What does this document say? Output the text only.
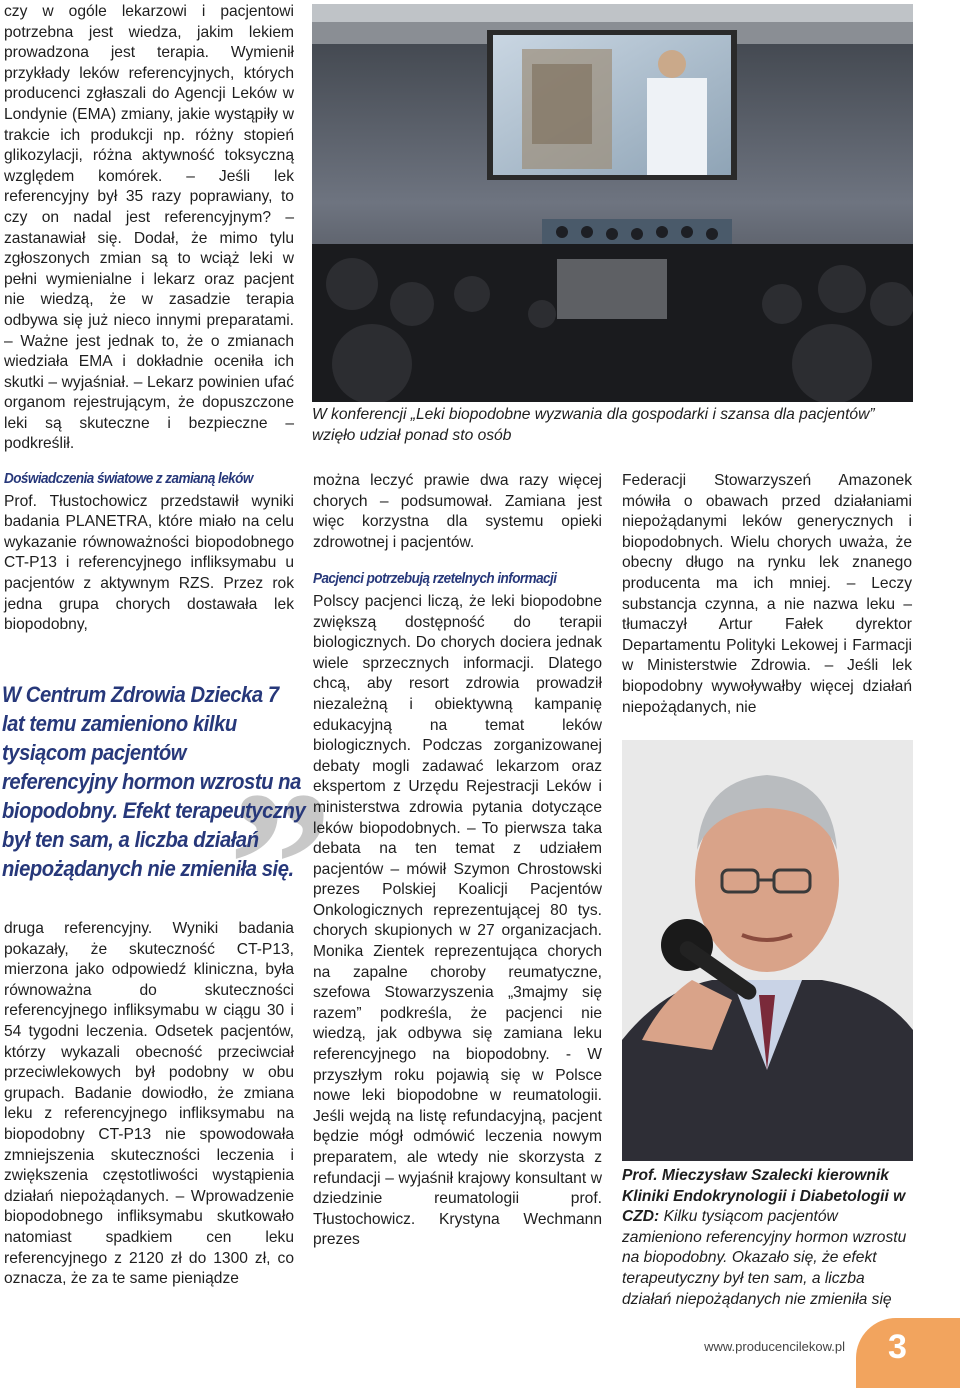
czy w ogóle lekarzowi i pacjentowi potrzebna jest wiedza, jakim lekiem prowadzona jest terapia. Wymienił przykłady leków referencyjnych, których producenci zgłaszali do Agencji Leków w Londynie (EMA) zmiany, jakie wystąpiły w trakcie ich produkcji np. różny stopień glikozylacji, różna aktywność toksyczną względem komórek. – Jeśli lek referencyjny był 35 razy poprawiany, to czy on nadal jest referencyjnym? – zastanawiał się. Dodał, że mimo tylu zgłoszonych zmian są to wciąż leki w pełni wymienialne i lekarz oraz pacjent nie wiedzą, że w zasadzie terapia odbywa się już nieco innymi preparatami. – Ważne jest jednak to, że o zmianach wiedziała EMA i dokładnie oceniła ich skutki – wyjaśniał. – Lekarz powinien ufać organom rejestrującym, że dopuszczone leki są skuteczne i bezpieczne – podkreślił.

Doświadczenia światowe z zamianą leków

Prof. Tłustochowicz przedstawił wyniki badania PLANETRA, które miało na celu wykazanie równoważności biopodobnego CT-P13 i referencyjnego infliksymabu u pacjentów z aktywnym RZS. Przez rok jedna grupa chorych dostawała lek biopodobny,

”
W Centrum Zdrowia Dziecka 7 lat temu zamieniono kilku tysiącom pacjentów referencyjny hormon wzrostu na biopodobny. Efekt terapeutyczny był ten sam, a liczba działań niepożądanych nie zmieniła się.

druga referencyjny. Wyniki badania pokazały, że skuteczność CT-P13, mierzona jako odpowiedź kliniczna, była równoważna do skuteczności referencyjnego infliksymabu w ciągu 30 i 54 tygodni leczenia. Odsetek pacjentów, którzy wykazali obecność przeciwciał przeciwlekowych był podobny w obu grupach. Badanie dowiodło, że zmiana leku z referencyjnego infliksymabu na biopodobny CT-P13 nie spowodowała zmniejszenia skuteczności leczenia i zwiększenia częstotliwości wystąpienia działań niepożądanych. – Wprowadzenie biopodobnego infliksymabu skutkowało natomiast spadkiem cen leku referencyjnego z 2120 zł do 1300 zł, co oznacza, że za te same pieniądze

W konferencji „Leki biopodobne wyzwania dla gospodarki i szansa dla pacjentów” wzięło udział ponad sto osób

można leczyć prawie dwa razy więcej chorych – podsumował. Zamiana jest więc korzystna dla systemu opieki zdrowotnej i pacjentów.

Pacjenci potrzebują rzetelnych informacji

Polscy pacjenci liczą, że leki biopodobne zwiększą dostępność do terapii biologicznych. Do chorych dociera jednak wiele sprzecznych informacji. Dlatego chcą, aby resort zdrowia prowadził niezależną i obiektywną kampanię edukacyjną na temat leków biologicznych. Podczas zorganizowanej debaty mogli zadawać lekarzom oraz ekspertom z Urzędu Rejestracji Leków i ministerstwa zdrowia pytania dotyczące leków biopodobnych. – To pierwsza taka debata na ten temat z udziałem pacjentów – mówił Szymon Chrostowski prezes Polskiej Koalicji Pacjentów Onkologicznych reprezentującej 80 tys. chorych skupionych w 27 organizacjach. Monika Zientek reprezentująca chorych na zapalne choroby reumatyczne, szefowa Stowarzyszenia „3majmy się razem” podkreśla, że pacjenci nie wiedzą, jak odbywa się zamiana leku referencyjnego na biopodobny. - W przyszłym roku pojawią się w Polsce nowe leki biopodobne w reumatologii. Jeśli wejdą na listę refundacyjną, pacjent będzie mógł odmówić leczenia nowym preparatem, ale wtedy nie skorzysta z refundacji – wyjaśnił krajowy konsultant w dziedzinie reumatologii prof. Tłustochowicz. Krystyna Wechmann prezes

Federacji Stowarzyszeń Amazonek mówiła o obawach przed działaniami niepożądanymi leków generycznych i biopodobnych. Wielu chorych uważa, że obecny długo na rynku lek znanego producenta ma ich mniej. – Leczy substancja czynna, a nie nazwa leku – tłumaczył Artur Fałek dyrektor Departamentu Polityki Lekowej i Farmacji w Ministerstwie Zdrowia. – Jeśli lek biopodobny wywoływałby więcej działań niepożądanych, nie

Prof. Mieczysław Szalecki kierownik Kliniki Endokrynologii i Diabetologii w CZD: Kilku tysiącom pacjentów zamieniono referencyjny hormon wzrostu na biopodobny. Okazało się, że efekt terapeutyczny był ten sam, a liczba działań niepożądanych nie zmieniła się
www.producencilekow.pl 3
